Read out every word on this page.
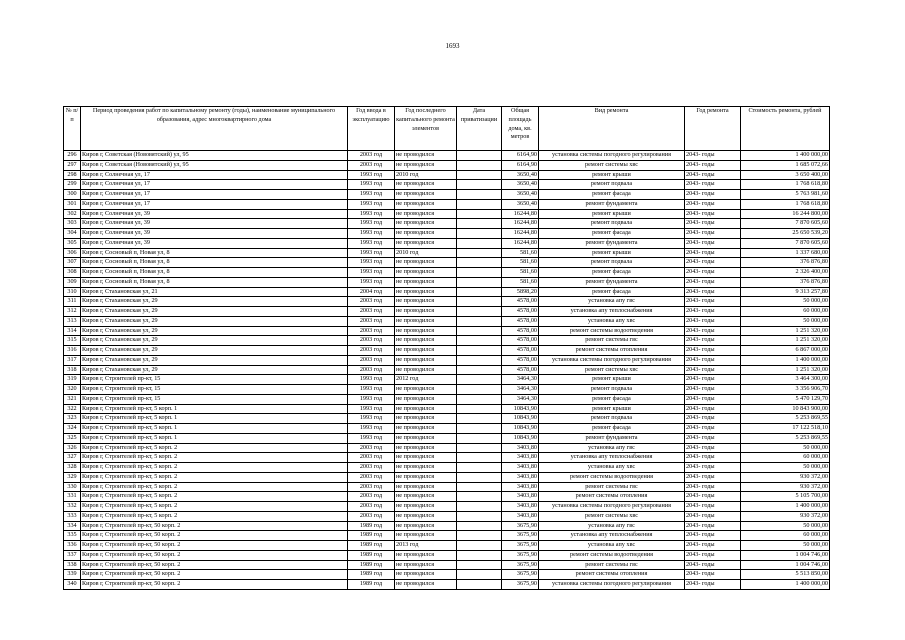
1693
№ п/п	Период проведения работ по капитальному ремонту (годы), наименование муниципального образования, адрес многоквартирного дома	Год ввода в эксплуатацию	Год последнего капитального ремонта элементов	Дата приватизации	Общая площадь дома, кв. метров	Вид ремонта	Год ремонта	Стоимость ремонта, рублей
296	Киров г, Советская (Нововятский) ул, 95	2003 год	не проводился		6164,90	установка системы погодного регулирования	2043- годы	1 400 000,00
297	Киров г, Советская (Нововятский) ул, 95	2003 год	не проводился		6164,90	ремонт системы хвс	2043- годы	1 685 072,66
298	Киров г, Солнечная ул, 17	1993 год	2010 год		3650,40	ремонт крыши	2043- годы	3 650 400,00
299	Киров г, Солнечная ул, 17	1993 год	не проводился		3650,40	ремонт подвала	2043- годы	1 768 618,80
300	Киров г, Солнечная ул, 17	1993 год	не проводился		3650,40	ремонт фасада	2043- годы	5 763 981,60
301	Киров г, Солнечная ул, 17	1993 год	не проводился		3650,40	ремонт фундамента	2043- годы	1 768 618,80
302	Киров г, Солнечная ул, 39	1993 год	не проводился		16244,80	ремонт крыши	2043- годы	16 244 800,00
303	Киров г, Солнечная ул, 39	1993 год	не проводился		16244,80	ремонт подвала	2043- годы	7 870 605,60
304	Киров г, Солнечная ул, 39	1993 год	не проводился		16244,80	ремонт фасада	2043- годы	25 650 539,20
305	Киров г, Солнечная ул, 39	1993 год	не проводился		16244,80	ремонт фундамента	2043- годы	7 870 605,60
306	Киров г, Сосновый п, Новая ул, 8	1993 год	2010 год		581,60	ремонт крыши	2043- годы	1 337 680,00
307	Киров г, Сосновый п, Новая ул, 8	1993 год	не проводился		581,60	ремонт подвала	2043- годы	376 876,80
308	Киров г, Сосновый п, Новая ул, 8	1993 год	не проводился		581,60	ремонт фасада	2043- годы	2 326 400,00
309	Киров г, Сосновый п, Новая ул, 8	1993 год	не проводился		581,60	ремонт фундамента	2043- годы	376 876,80
310	Киров г, Стахановская ул, 21	2004 год	не проводился		5898,20	ремонт фасада	2043- годы	9 313 257,80
311	Киров г, Стахановская ул, 29	2003 год	не проводился		4578,00	установка апу гвс	2043- годы	50 000,00
312	Киров г, Стахановская ул, 29	2003 год	не проводился		4578,00	установка апу теплоснабжения	2043- годы	60 000,00
313	Киров г, Стахановская ул, 29	2003 год	не проводился		4578,00	установка апу хвс	2043- годы	50 000,00
314	Киров г, Стахановская ул, 29	2003 год	не проводился		4578,00	ремонт системы водоотведения	2043- годы	1 251 320,00
315	Киров г, Стахановская ул, 29	2003 год	не проводился		4578,00	ремонт системы гвс	2043- годы	1 251 320,00
316	Киров г, Стахановская ул, 29	2003 год	не проводился		4578,00	ремонт системы отопления	2043- годы	6 867 000,00
317	Киров г, Стахановская ул, 29	2003 год	не проводился		4578,00	установка системы погодного регулирования	2043- годы	1 400 000,00
318	Киров г, Стахановская ул, 29	2003 год	не проводился		4578,00	ремонт системы хвс	2043- годы	1 251 320,00
319	Киров г, Строителей пр-кт, 15	1993 год	2012 год		3464,30	ремонт крыши	2043- годы	3 464 300,00
320	Киров г, Строителей пр-кт, 15	1993 год	не проводился		3464,30	ремонт подвала	2043- годы	3 356 906,70
321	Киров г, Строителей пр-кт, 15	1993 год	не проводился		3464,30	ремонт фасада	2043- годы	5 470 129,70
322	Киров г, Строителей пр-кт, 5 корп. 1	1993 год	не проводился		10843,90	ремонт крыши	2043- годы	10 843 900,00
323	Киров г, Строителей пр-кт, 5 корп. 1	1993 год	не проводился		10843,90	ремонт подвала	2043- годы	5 253 869,55
324	Киров г, Строителей пр-кт, 5 корп. 1	1993 год	не проводился		10843,90	ремонт фасада	2043- годы	17 122 518,10
325	Киров г, Строителей пр-кт, 5 корп. 1	1993 год	не проводился		10843,90	ремонт фундамента	2043- годы	5 253 869,55
326	Киров г, Строителей пр-кт, 5 корп. 2	2003 год	не проводился		3403,80	установка апу гвс	2043- годы	50 000,00
327	Киров г, Строителей пр-кт, 5 корп. 2	2003 год	не проводился		3403,80	установка апу теплоснабжения	2043- годы	60 000,00
328	Киров г, Строителей пр-кт, 5 корп. 2	2003 год	не проводился		3403,80	установка апу хвс	2043- годы	50 000,00
329	Киров г, Строителей пр-кт, 5 корп. 2	2003 год	не проводился		3403,80	ремонт системы водоотведения	2043- годы	930 372,00
330	Киров г, Строителей пр-кт, 5 корп. 2	2003 год	не проводился		3403,80	ремонт системы гвс	2043- годы	930 372,00
331	Киров г, Строителей пр-кт, 5 корп. 2	2003 год	не проводился		3403,80	ремонт системы отопления	2043- годы	5 105 700,00
332	Киров г, Строителей пр-кт, 5 корп. 2	2003 год	не проводился		3403,80	установка системы погодного регулирования	2043- годы	1 400 000,00
333	Киров г, Строителей пр-кт, 5 корп. 2	2003 год	не проводился		3403,80	ремонт системы хвс	2043- годы	930 372,00
334	Киров г, Строителей пр-кт, 50 корп. 2	1989 год	не проводился		3675,90	установка апу гвс	2043- годы	50 000,00
335	Киров г, Строителей пр-кт, 50 корп. 2	1989 год	не проводился		3675,90	установка апу теплоснабжения	2043- годы	60 000,00
336	Киров г, Строителей пр-кт, 50 корп. 2	1989 год	2013 год		3675,90	установка апу хвс	2043- годы	50 000,00
337	Киров г, Строителей пр-кт, 50 корп. 2	1989 год	не проводился		3675,90	ремонт системы водоотведения	2043- годы	1 004 746,00
338	Киров г, Строителей пр-кт, 50 корп. 2	1989 год	не проводился		3675,90	ремонт системы гвс	2043- годы	1 004 746,00
339	Киров г, Строителей пр-кт, 50 корп. 2	1989 год	не проводился		3675,90	ремонт системы отопления	2043- годы	5 513 850,00
340	Киров г, Строителей пр-кт, 50 корп. 2	1989 год	не проводился		3675,90	установка системы погодного регулирования	2043- годы	1 400 000,00
